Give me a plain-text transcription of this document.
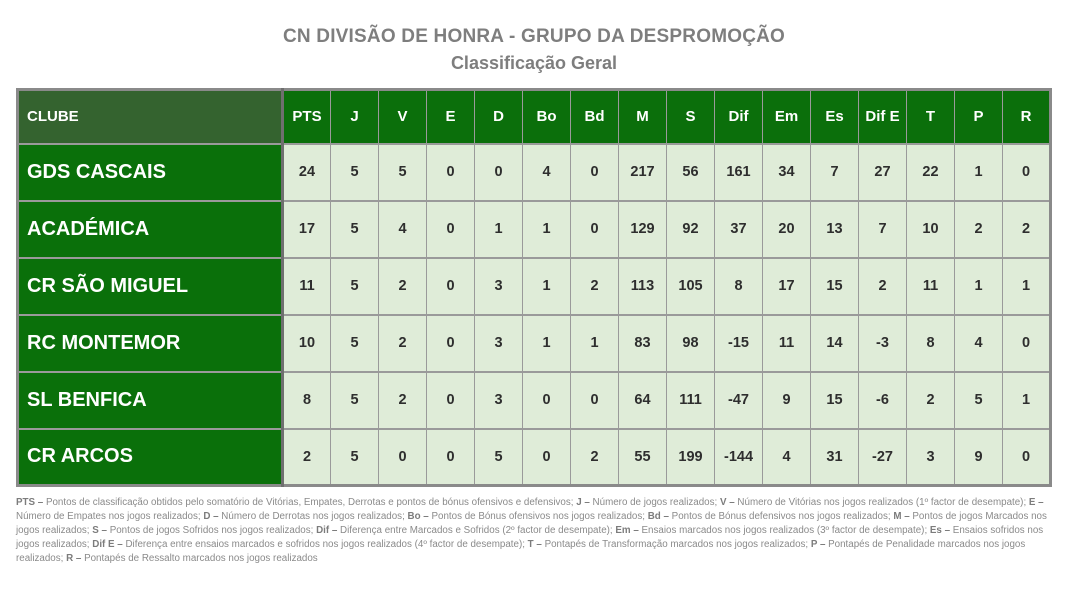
CN DIVISÃO DE HONRA - GRUPO DA DESPROMOÇÃO
Classificação Geral
CLUBE	PTS	J	V	E	D	Bo	Bd	M	S	Dif	Em	Es	Dif E	T	P	R
GDS CASCAIS	24	5	5	0	0	4	0	217	56	161	34	7	27	22	1	0
ACADÉMICA	17	5	4	0	1	1	0	129	92	37	20	13	7	10	2	2
CR SÃO MIGUEL	11	5	2	0	3	1	2	113	105	8	17	15	2	11	1	1
RC MONTEMOR	10	5	2	0	3	1	1	83	98	-15	11	14	-3	8	4	0
SL BENFICA	8	5	2	0	3	0	0	64	111	-47	9	15	-6	2	5	1
CR ARCOS	2	5	0	0	5	0	2	55	199	-144	4	31	-27	3	9	0

PTS – Pontos de classificação obtidos pelo somatório de Vitórias, Empates, Derrotas e pontos de bónus ofensivos e defensivos; J – Número de jogos realizados; V – Número de Vitórias nos jogos realizados (1º factor de desempate); E – Número de Empates nos jogos realizados; D – Número de Derrotas nos jogos realizados; Bo – Pontos de Bónus ofensivos nos jogos realizados; Bd – Pontos de Bónus defensivos nos jogos realizados; M – Pontos de jogos Marcados nos jogos realizados; S – Pontos de jogos Sofridos nos jogos realizados; Dif – Diferença entre Marcados e Sofridos (2º factor de desempate); Em – Ensaios marcados nos jogos realizados (3º factor de desempate); Es – Ensaios sofridos nos jogos realizados; Dif E – Diferença entre ensaios marcados e sofridos nos jogos realizados (4º factor de desempate); T – Pontapés de Transformação marcados nos jogos realizados; P – Pontapés de Penalidade marcados nos jogos realizados; R – Pontapés de Ressalto marcados nos jogos realizados
